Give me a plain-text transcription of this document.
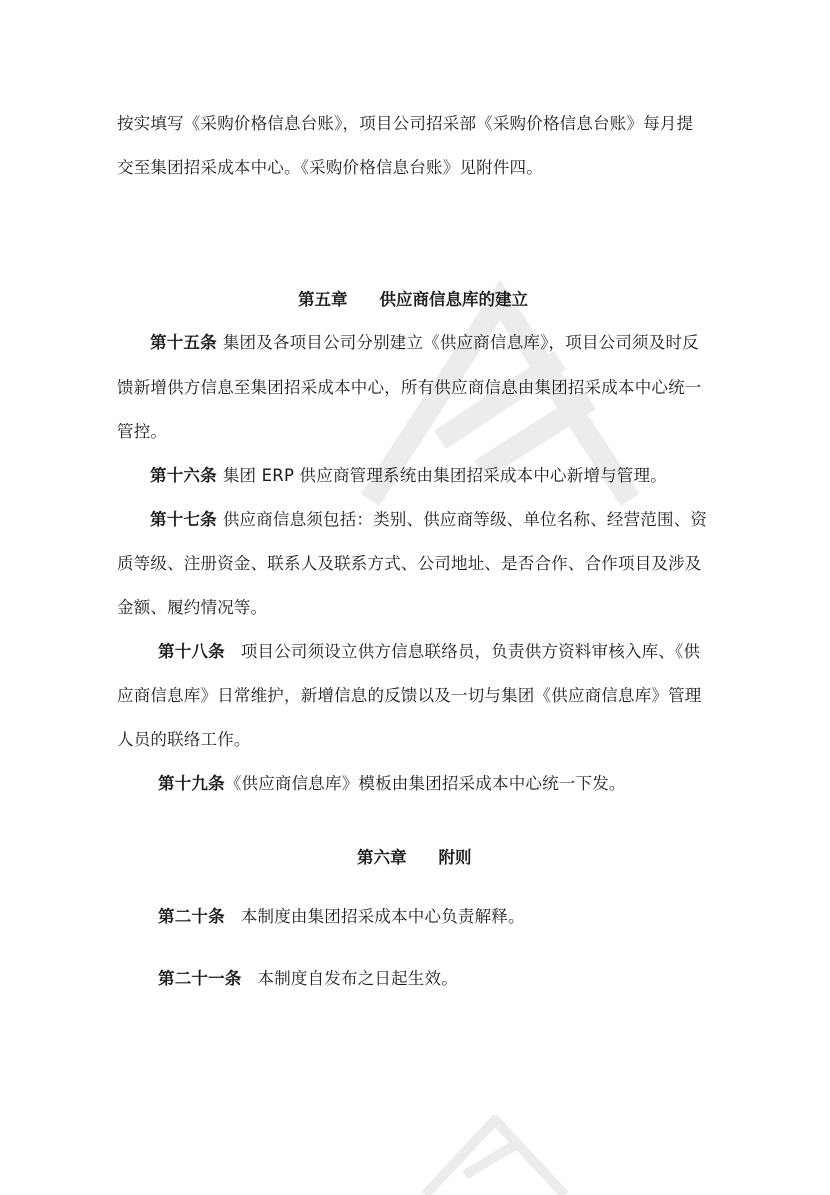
按实填写《采购价格信息台账》，项目公司招采部《采购价格信息台账》每月提
交至集团招采成本中心。《采购价格信息台账》见附件四。
第五章 供应商信息库的建立
第十五条 集团及各项目公司分别建立《供应商信息库》，项目公司须及时反
馈新增供方信息至集团招采成本中心，所有供应商信息由集团招采成本中心统一
管控。
第十六条 集团 ERP 供应商管理系统由集团招采成本中心新增与管理。
第十七条 供应商信息须包括：类别、供应商等级、单位名称、经营范围、资
质等级、注册资金、联系人及联系方式、公司地址、是否合作、合作项目及涉及
金额、履约情况等。
第十八条 项目公司须设立供方信息联络员，负责供方资料审核入库、《供
应商信息库》日常维护，新增信息的反馈以及一切与集团《供应商信息库》管理
人员的联络工作。
第十九条《供应商信息库》模板由集团招采成本中心统一下发。
第六章 附则
第二十条 本制度由集团招采成本中心负责解释。
第二十一条 本制度自发布之日起生效。
